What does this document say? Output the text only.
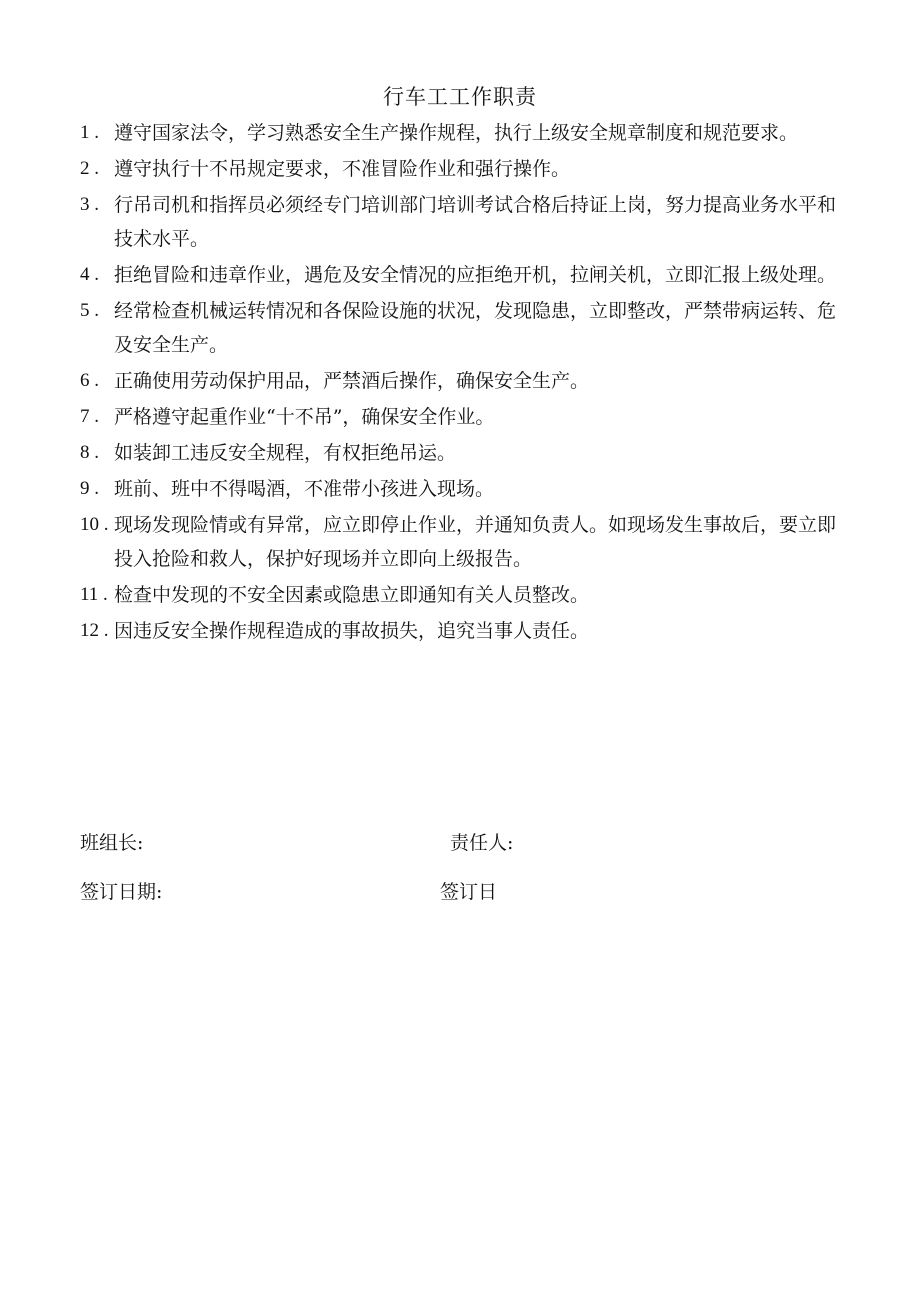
行车工工作职责
1 . 遵守国家法令，学习熟悉安全生产操作规程，执行上级安全规章制度和规范要求。
2 . 遵守执行十不吊规定要求，不准冒险作业和强行操作。
3 . 行吊司机和指挥员必须经专门培训部门培训考试合格后持证上岗，努力提高业务水平和技术水平。
4 . 拒绝冒险和违章作业，遇危及安全情况的应拒绝开机，拉闸关机，立即汇报上级处理。
5 . 经常检查机械运转情况和各保险设施的状况，发现隐患，立即整改，严禁带病运转、危及安全生产。
6 . 正确使用劳动保护用品，严禁酒后操作，确保安全生产。
7 . 严格遵守起重作业“十不吊”，确保安全作业。
8 . 如装卸工违反安全规程，有权拒绝吊运。
9 . 班前、班中不得喝酒，不准带小孩进入现场。
10 . 现场发现险情或有异常，应立即停止作业，并通知负责人。如现场发生事故后，要立即投入抢险和救人，保护好现场并立即向上级报告。
11 . 检查中发现的不安全因素或隐患立即通知有关人员整改。
12 . 因违反安全操作规程造成的事故损失，追究当事人责任。
班组长:	责任人:
签订日期:	签订日
